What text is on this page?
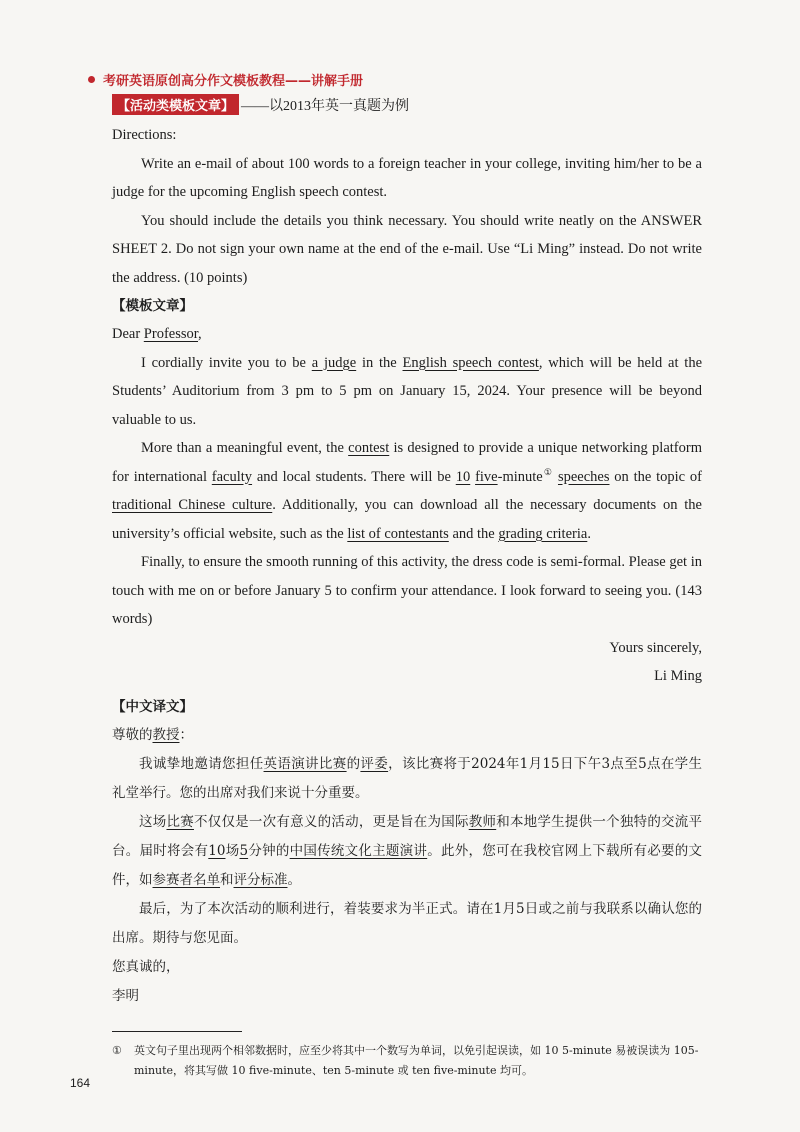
考研英语原创高分作文模板教程——讲解手册
【活动类模板文章】 ——以2013年英一真题为例

Directions:

Write an e-mail of about 100 words to a foreign teacher in your college, inviting him/her to be a judge for the upcoming English speech contest.

You should include the details you think necessary. You should write neatly on the ANSWER SHEET 2. Do not sign your own name at the end of the e-mail. Use “Li Ming” instead. Do not write the address. (10 points)

【模板文章】

Dear Professor,

I cordially invite you to be a judge in the English speech contest, which will be held at the Students’ Auditorium from 3 pm to 5 pm on January 15, 2024. Your presence will be beyond valuable to us.

More than a meaningful event, the contest is designed to provide a unique networking platform for international faculty and local students. There will be 10 five-minute① speeches on the topic of traditional Chinese culture. Additionally, you can download all the necessary documents on the university’s official website, such as the list of contestants and the grading criteria.

Finally, to ensure the smooth running of this activity, the dress code is semi-formal. Please get in touch with me on or before January 5 to confirm your attendance. I look forward to seeing you. (143 words)

Yours sincerely,

Li Ming

【中文译文】

尊敬的教授：

我诚挚地邀请您担任英语演讲比赛的评委，该比赛将于2024年1月15日下午3点至5点在学生礼堂举行。您的出席对我们来说十分重要。

这场比赛不仅仅是一次有意义的活动，更是旨在为国际教师和本地学生提供一个独特的交流平台。届时将会有10场5分钟的中国传统文化主题演讲。此外，您可在我校官网上下载所有必要的文件，如参赛者名单和评分标准。

最后，为了本次活动的顺利进行，着装要求为半正式。请在1月5日或之前与我联系以确认您的出席。期待与您见面。

您真诚的，

李明

①	英文句子里出现两个相邻数据时，应至少将其中一个数写为单词，以免引起误读，如 10 5-minute 易被误读为 105-minute，将其写做 10 five-minute、ten 5-minute 或 ten five-minute 均可。
164
